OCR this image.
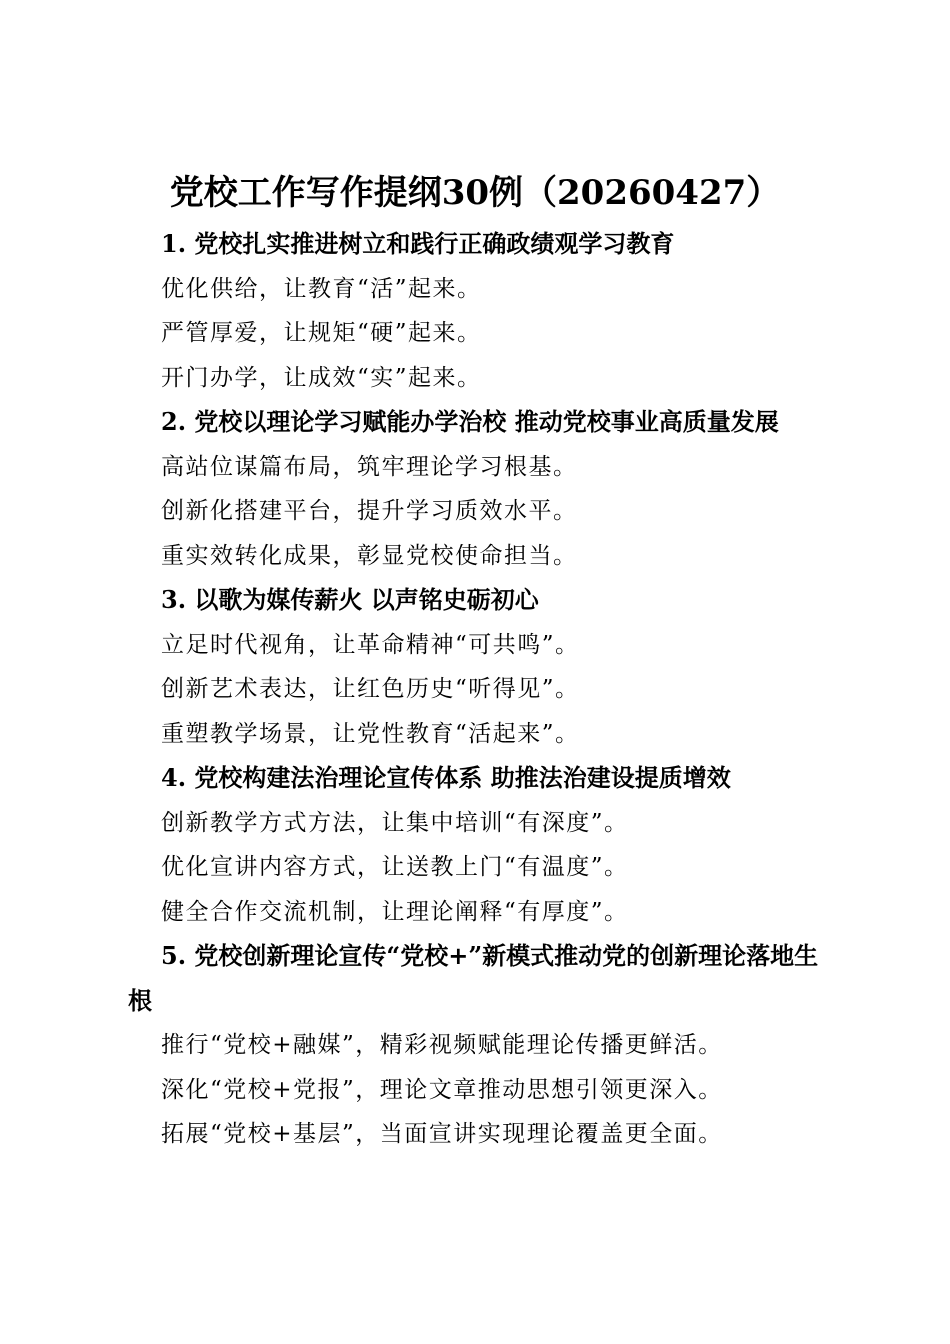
党校工作写作提纲30例（20260427）

1. 党校扎实推进树立和践行正确政绩观学习教育

优化供给，让教育“活”起来。

严管厚爱，让规矩“硬”起来。

开门办学，让成效“实”起来。

2. 党校以理论学习赋能办学治校 推动党校事业高质量发展

高站位谋篇布局，筑牢理论学习根基。

创新化搭建平台，提升学习质效水平。

重实效转化成果，彰显党校使命担当。

3. 以歌为媒传薪火 以声铭史砺初心

立足时代视角，让革命精神“可共鸣”。

创新艺术表达，让红色历史“听得见”。

重塑教学场景，让党性教育“活起来”。

4. 党校构建法治理论宣传体系 助推法治建设提质增效

创新教学方式方法，让集中培训“有深度”。

优化宣讲内容方式，让送教上门“有温度”。

健全合作交流机制，让理论阐释“有厚度”。

5. 党校创新理论宣传“党校+”新模式推动党的创新理论落地生根

推行“党校+融媒”，精彩视频赋能理论传播更鲜活。

深化“党校+党报”，理论文章推动思想引领更深入。

拓展“党校+基层”，当面宣讲实现理论覆盖更全面。
